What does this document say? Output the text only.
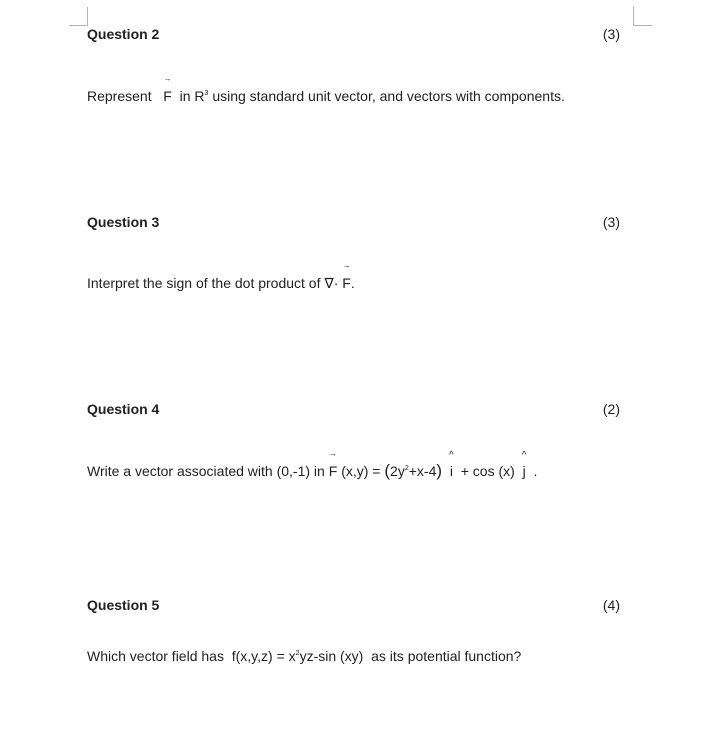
Question 2	(3)
Represent
→
F in $R^3$ using standard unit vector, and vectors with components.
Question 3	(3)
Interpret the sign of the dot product of ∇·
→
F.
Question 4	(2)
Write a vector associated with (0,-1) in
→
F $(x,y) = (2y^2+x-4)$
^
i + cos (x)
^
j .
Question 5	(4)
Which vector field has $f(x,y,z) = x^2yz-\sin$ (xy) as its potential function?
